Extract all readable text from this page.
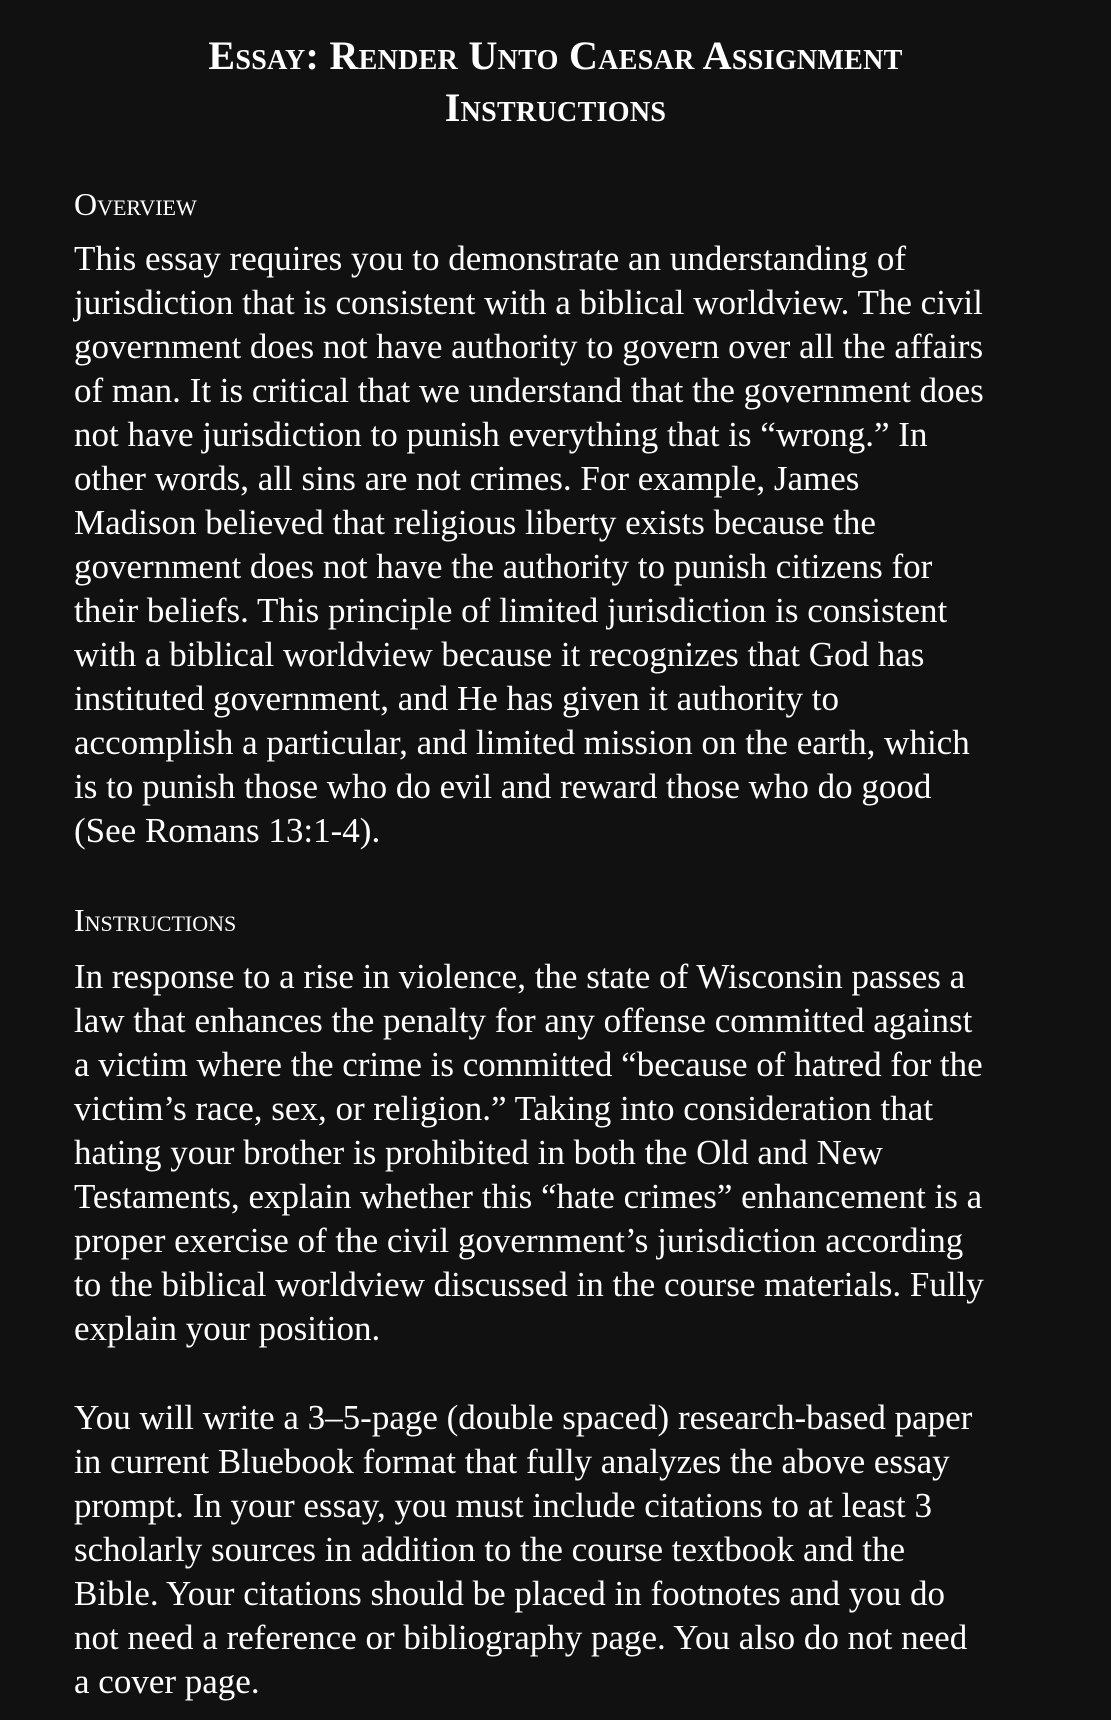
Essay: Render Unto Caesar Assignment
Instructions
Overview

This essay requires you to demonstrate an understanding of
jurisdiction that is consistent with a biblical worldview. The civil
government does not have authority to govern over all the affairs
of man. It is critical that we understand that the government does
not have jurisdiction to punish everything that is “wrong.” In
other words, all sins are not crimes. For example, James
Madison believed that religious liberty exists because the
government does not have the authority to punish citizens for
their beliefs. This principle of limited jurisdiction is consistent
with a biblical worldview because it recognizes that God has
instituted government, and He has given it authority to
accomplish a particular, and limited mission on the earth, which
is to punish those who do evil and reward those who do good
(See Romans 13:1-4).

Instructions

In response to a rise in violence, the state of Wisconsin passes a
law that enhances the penalty for any offense committed against
a victim where the crime is committed “because of hatred for the
victim’s race, sex, or religion.” Taking into consideration that
hating your brother is prohibited in both the Old and New
Testaments, explain whether this “hate crimes” enhancement is a
proper exercise of the civil government’s jurisdiction according
to the biblical worldview discussed in the course materials. Fully
explain your position.

You will write a 3–5-page (double spaced) research-based paper
in current Bluebook format that fully analyzes the above essay
prompt. In your essay, you must include citations to at least 3
scholarly sources in addition to the course textbook and the
Bible. Your citations should be placed in footnotes and you do
not need a reference or bibliography page. You also do not need
a cover page.
